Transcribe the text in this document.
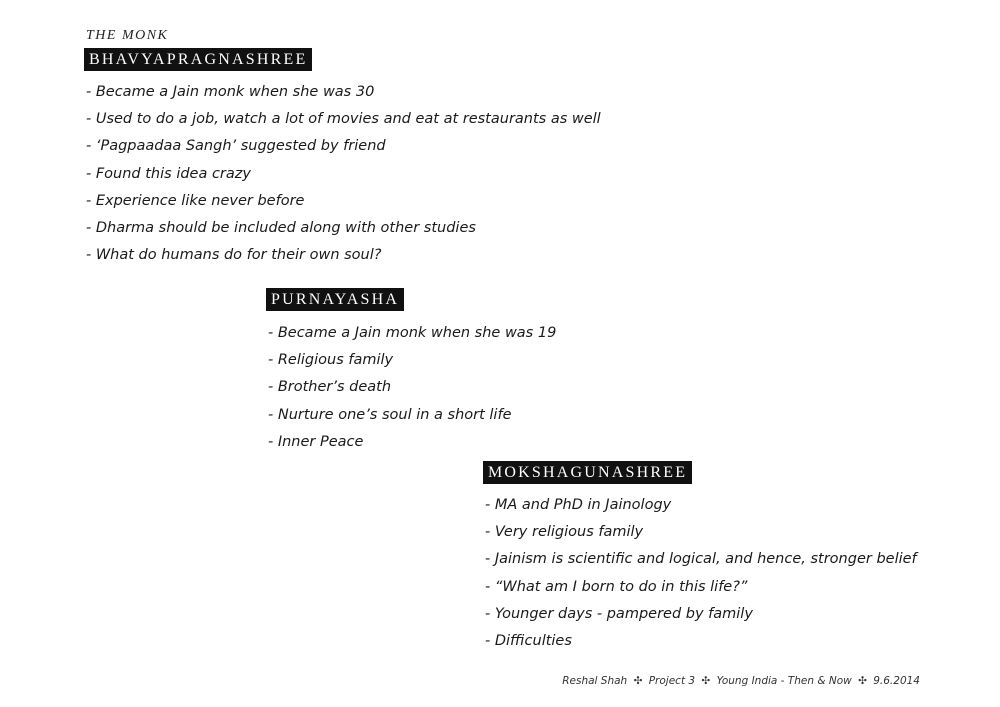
THE MONK
BHAVYAPRAGNASHREE
- Became a Jain monk when she was 30
- Used to do a job, watch a lot of movies and eat at restaurants as well
- ‘Pagpaadaa Sangh’ suggested by friend
- Found this idea crazy
- Experience like never before
- Dharma should be included along with other studies
- What do humans do for their own soul?
PURNAYASHA
- Became a Jain monk when she was 19
- Religious family
- Brother’s death
- Nurture one’s soul in a short life
- Inner Peace
MOKSHAGUNASHREE
- MA and PhD in Jainology
- Very religious family
- Jainism is scientific and logical, and hence, stronger belief
- “What am I born to do in this life?”
- Younger days - pampered by family
- Difficulties
Reshal Shah ✣ Project 3 ✣ Young India - Then & Now ✣ 9.6.2014
